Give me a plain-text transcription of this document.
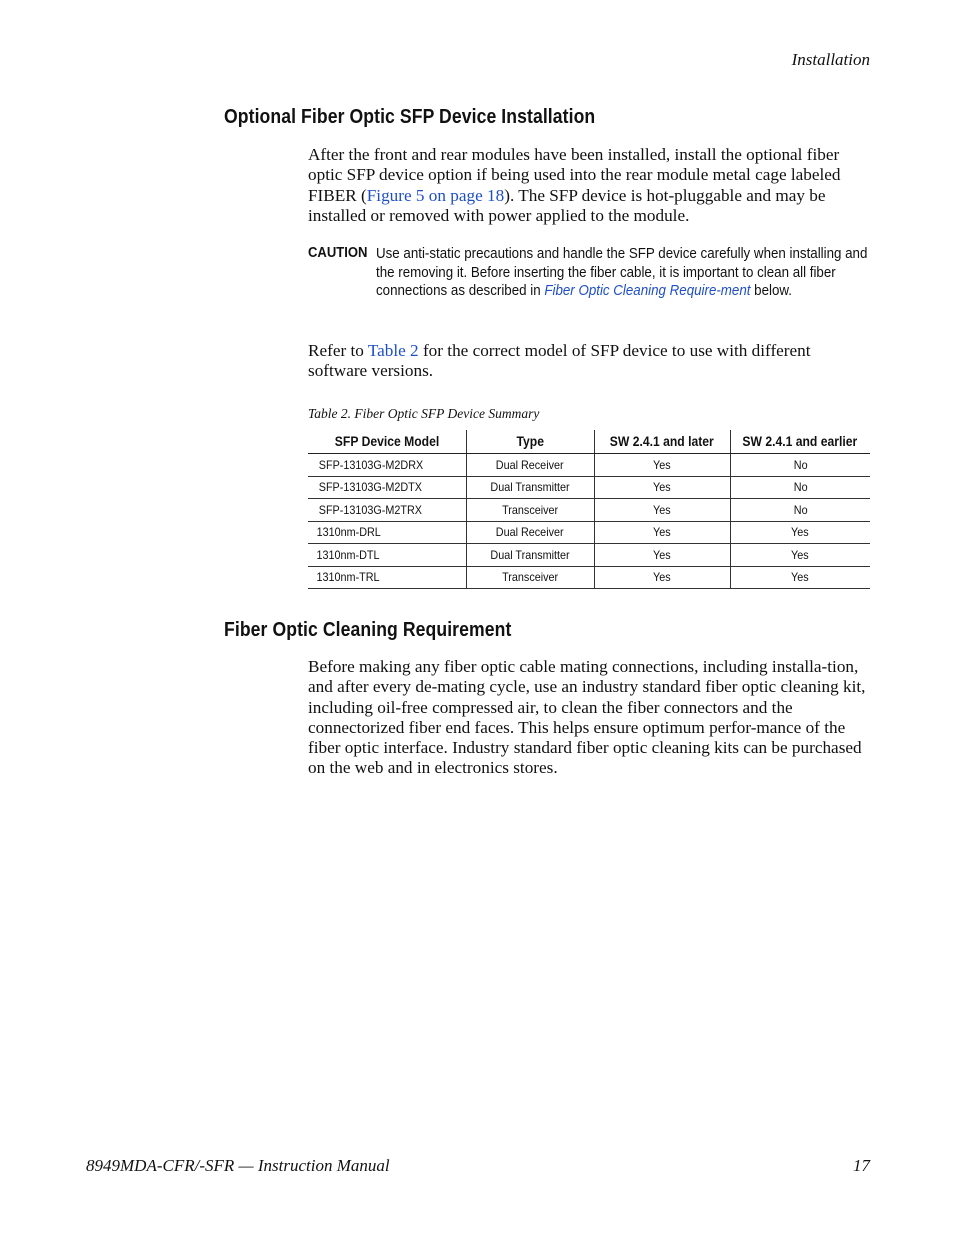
Installation
Optional Fiber Optic SFP Device Installation

After the front and rear modules have been installed, install the optional fiber optic SFP device option if being used into the rear module metal cage labeled FIBER (Figure 5 on page 18). The SFP device is hot-pluggable and may be installed or removed with power applied to the module.

CAUTION Use anti-static precautions and handle the SFP device carefully when installing and the removing it. Before inserting the fiber cable, it is important to clean all fiber connections as described in Fiber Optic Cleaning Require-ment below.

Refer to Table 2 for the correct model of SFP device to use with different software versions.

Table 2. Fiber Optic SFP Device Summary
SFP Device Model	Type	SW 2.4.1 and later	SW 2.4.1 and earlier
SFP-13103G-M2DRX	Dual Receiver	Yes	No
SFP-13103G-M2DTX	Dual Transmitter	Yes	No
SFP-13103G-M2TRX	Transceiver	Yes	No
1310nm-DRL	Dual Receiver	Yes	Yes
1310nm-DTL	Dual Transmitter	Yes	Yes
1310nm-TRL	Transceiver	Yes	Yes
Fiber Optic Cleaning Requirement

Before making any fiber optic cable mating connections, including installa-tion, and after every de-mating cycle, use an industry standard fiber optic cleaning kit, including oil-free compressed air, to clean the fiber connectors and the connectorized fiber end faces. This helps ensure optimum perfor-mance of the fiber optic interface. Industry standard fiber optic cleaning kits can be purchased on the web and in electronics stores.

8949MDA-CFR/-SFR — Instruction Manual	17
